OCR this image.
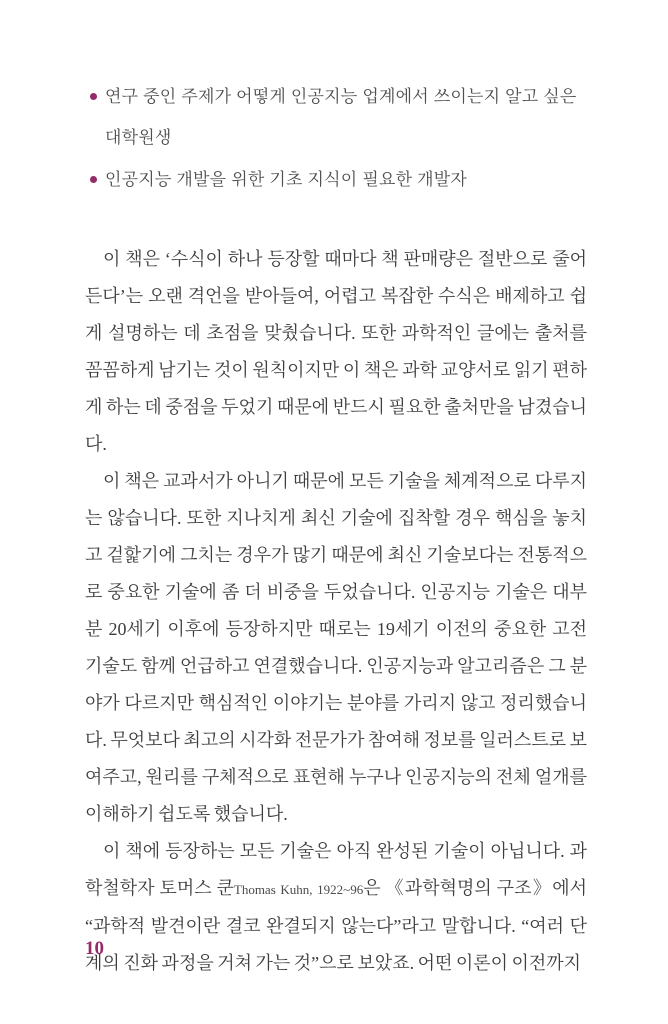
연구 중인 주제가 어떻게 인공지능 업계에서 쓰이는지 알고 싶은 대학원생
인공지능 개발을 위한 기초 지식이 필요한 개발자

이 책은 ‘수식이 하나 등장할 때마다 책 판매량은 절반으로 줄어든다’는 오랜 격언을 받아들여, 어렵고 복잡한 수식은 배제하고 쉽게 설명하는 데 초점을 맞췄습니다. 또한 과학적인 글에는 출처를 꼼꼼하게 남기는 것이 원칙이지만 이 책은 과학 교양서로 읽기 편하게 하는 데 중점을 두었기 때문에 반드시 필요한 출처만을 남겼습니다.

이 책은 교과서가 아니기 때문에 모든 기술을 체계적으로 다루지는 않습니다. 또한 지나치게 최신 기술에 집착할 경우 핵심을 놓치고 겉핥기에 그치는 경우가 많기 때문에 최신 기술보다는 전통적으로 중요한 기술에 좀 더 비중을 두었습니다. 인공지능 기술은 대부분 20세기 이후에 등장하지만 때로는 19세기 이전의 중요한 고전 기술도 함께 언급하고 연결했습니다. 인공지능과 알고리즘은 그 분야가 다르지만 핵심적인 이야기는 분야를 가리지 않고 정리했습니다. 무엇보다 최고의 시각화 전문가가 참여해 정보를 일러스트로 보여주고, 원리를 구체적으로 표현해 누구나 인공지능의 전체 얼개를 이해하기 쉽도록 했습니다.

이 책에 등장하는 모든 기술은 아직 완성된 기술이 아닙니다. 과학철학자 토머스 쿤Thomas Kuhn, 1922~96은 《과학혁명의 구조》에서 “과학적 발견이란 결코 완결되지 않는다”라고 말합니다. “여러 단계의 진화 과정을 거쳐 가는 것”으로 보았죠. 어떤 이론이 이전까지

10
